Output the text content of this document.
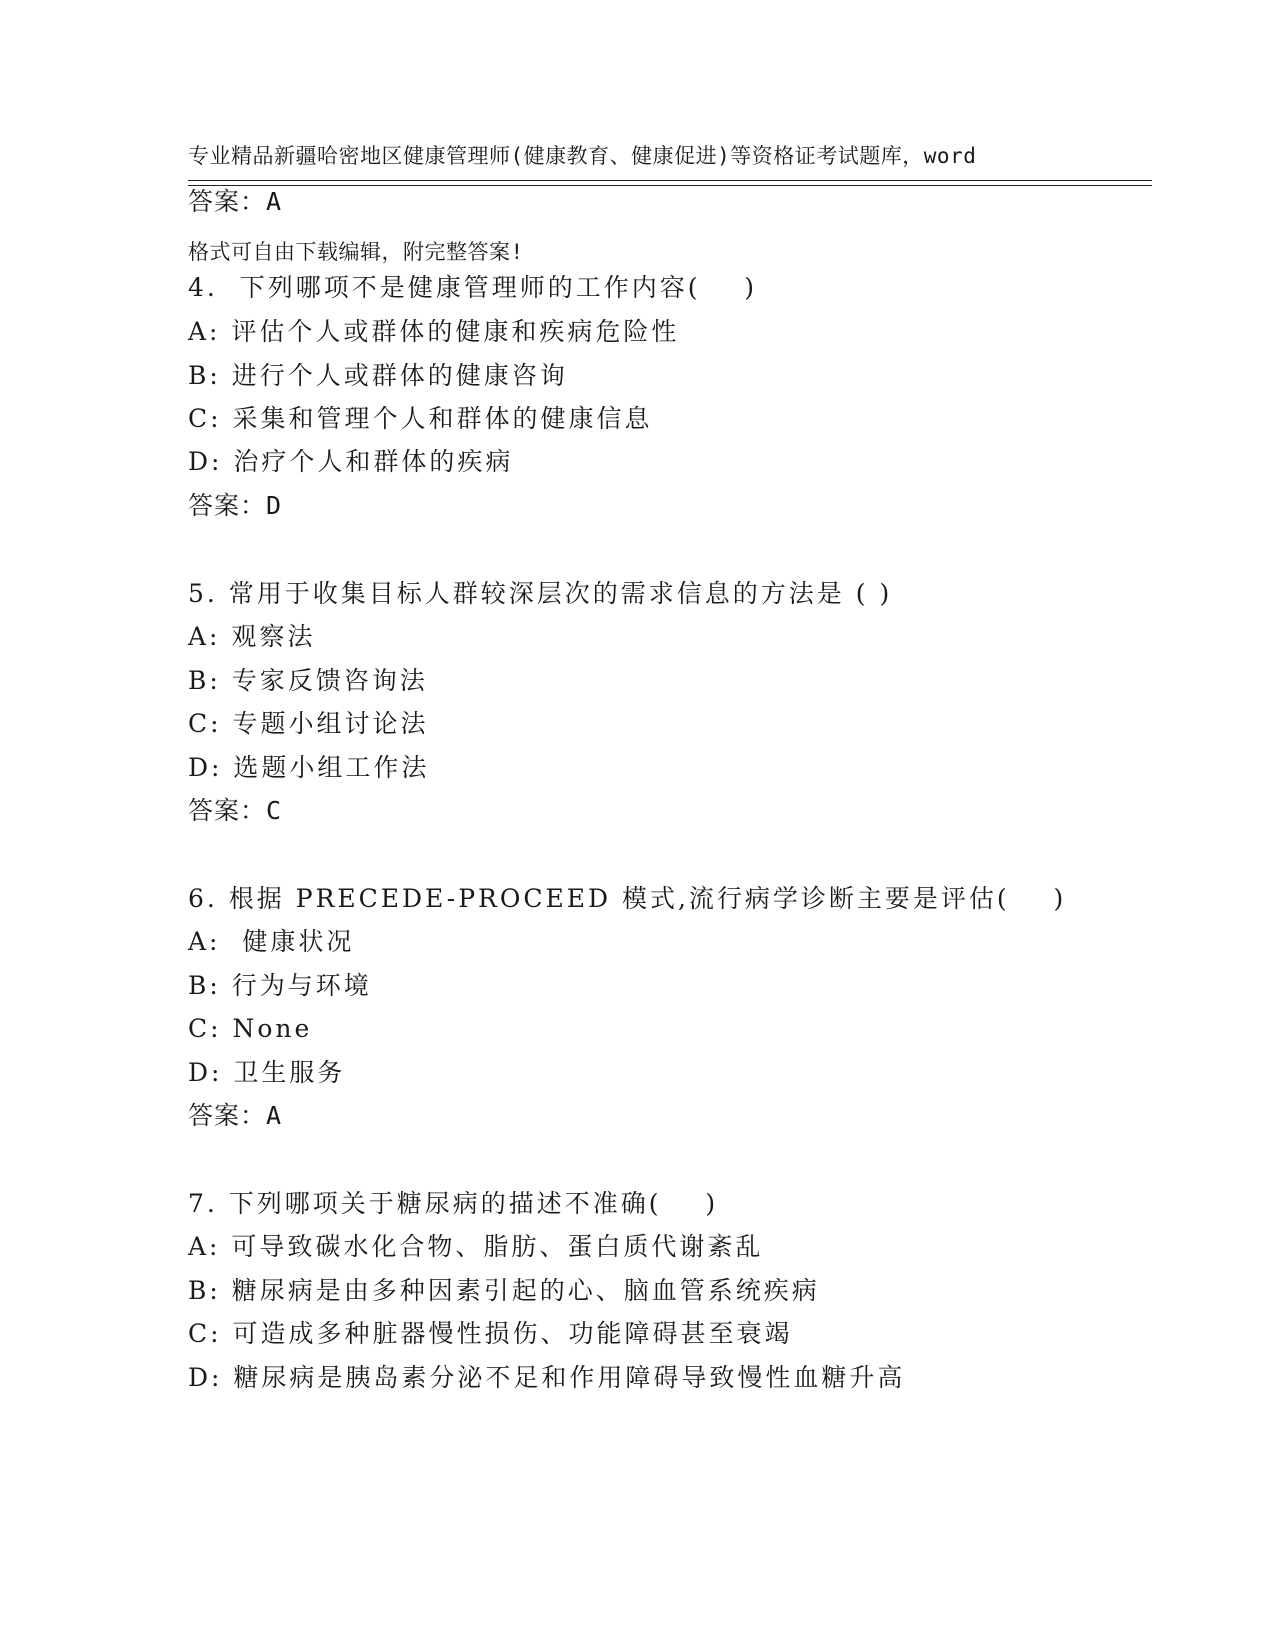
专业精品新疆哈密地区健康管理师(健康教育、健康促进)等资格证考试题库，word

格式可自由下载编辑，附完整答案!

答案：A
4.  下列哪项不是健康管理师的工作内容(    )
A: 评估个人或群体的健康和疾病危险性
B: 进行个人或群体的健康咨询
C: 采集和管理个人和群体的健康信息
D: 治疗个人和群体的疾病
答案：D
5. 常用于收集目标人群较深层次的需求信息的方法是 ( )
A: 观察法
B: 专家反馈咨询法
C: 专题小组讨论法
D: 选题小组工作法
答案：C
6. 根据 PRECEDE-PROCEED 模式,流行病学诊断主要是评估(    )
A:  健康状况
B: 行为与环境
C: None
D: 卫生服务
答案：A
7. 下列哪项关于糖尿病的描述不准确(    )
A: 可导致碳水化合物、脂肪、蛋白质代谢紊乱
B: 糖尿病是由多种因素引起的心、脑血管系统疾病
C: 可造成多种脏器慢性损伤、功能障碍甚至衰竭
D: 糖尿病是胰岛素分泌不足和作用障碍导致慢性血糖升高
